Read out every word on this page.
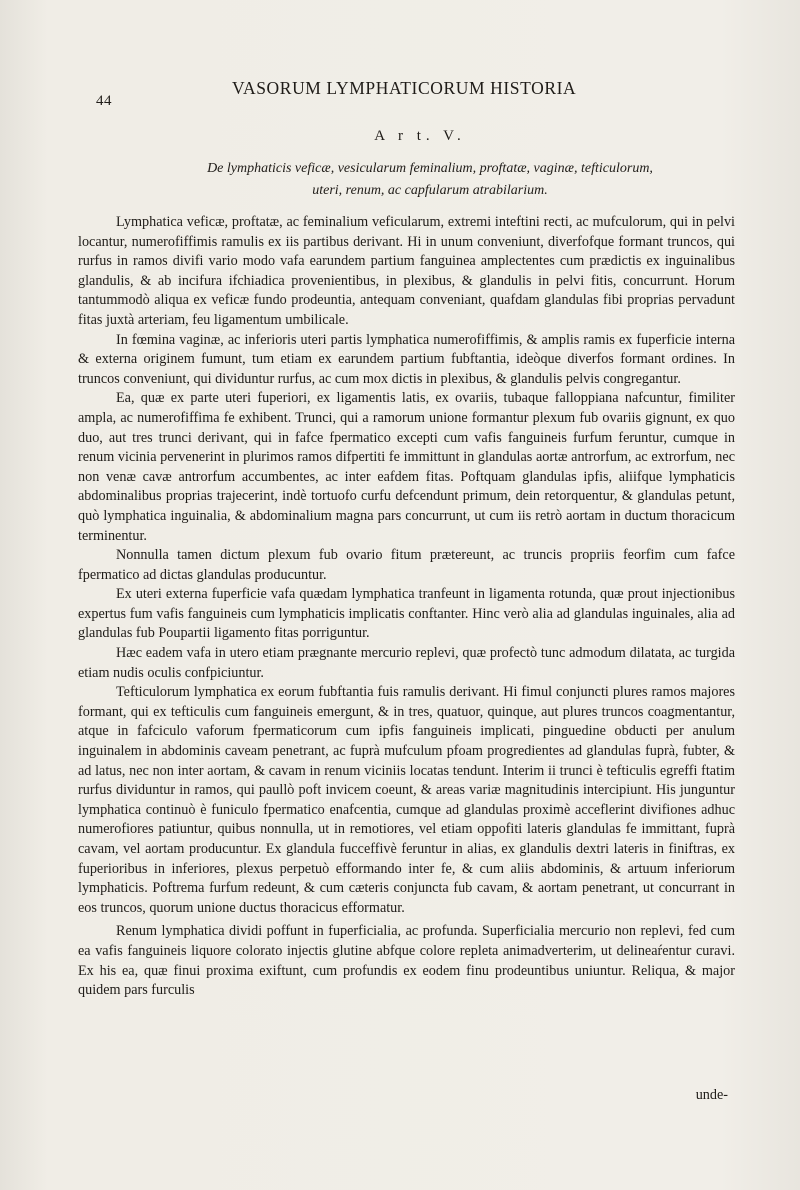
44
VASORUM LYMPHATICORUM HISTORIA
A r t. V.
De lymphaticis veficæ, vesicularum feminalium, proftatæ, vaginæ, tefticulorum,
uteri, renum, ac capfularum atrabilarium.

Lymphatica veficæ, proftatæ, ac feminalium veficularum, extremi inteftini recti, ac mufculorum, qui in pelvi locantur, numerofiffimis ramulis ex iis partibus derivant. Hi in unum conveniunt, diverfofque formant truncos, qui rurfus in ramos divifi vario modo vafa earundem partium fanguinea amplectentes cum prædictis ex inguinalibus glandulis, & ab incifura ifchiadica provenientibus, in plexibus, & glandulis in pelvi fitis, concurrunt. Horum tantummodò aliqua ex veficæ fundo prodeuntia, antequam conveniant, quafdam glandulas fibi proprias pervadunt fitas juxtà arteriam, feu ligamentum umbilicale.

In fœmina vaginæ, ac inferioris uteri partis lymphatica numerofiffimis, & amplis ramis ex fuperficie interna & externa originem fumunt, tum etiam ex earundem partium fubftantia, ideòque diverfos formant ordines. In truncos conveniunt, qui dividuntur rurfus, ac cum mox dictis in plexibus, & glandulis pelvis congregantur.

Ea, quæ ex parte uteri fuperiori, ex ligamentis latis, ex ovariis, tubaque falloppiana nafcuntur, fimiliter ampla, ac numerofiffima fe exhibent. Trunci, qui a ramorum unione formantur plexum fub ovariis gignunt, ex quo duo, aut tres trunci derivant, qui in fafce fpermatico excepti cum vafis fanguineis furfum feruntur, cumque in renum vicinia pervenerint in plurimos ramos difpertiti fe immittunt in glandulas aortæ antrorfum, ac extrorfum, nec non venæ cavæ antrorfum accumbentes, ac inter eafdem fitas. Poftquam glandulas ipfis, aliifque lymphaticis abdominalibus proprias trajecerint, indè tortuofo curfu defcendunt primum, dein retorquentur, & glandulas petunt, quò lymphatica inguinalia, & abdominalium magna pars concurrunt, ut cum iis retrò aortam in ductum thoracicum terminentur.

Nonnulla tamen dictum plexum fub ovario fitum prætereunt, ac truncis propriis feorfim cum fafce fpermatico ad dictas glandulas producuntur.

Ex uteri externa fuperficie vafa quædam lymphatica tranfeunt in ligamenta rotunda, quæ prout injectionibus expertus fum vafis fanguineis cum lymphaticis implicatis conftanter. Hinc verò alia ad glandulas inguinales, alia ad glandulas fub Poupartii ligamento fitas porriguntur.

Hæc eadem vafa in utero etiam prægnante mercurio replevi, quæ profectò tunc admodum dilatata, ac turgida etiam nudis oculis confpiciuntur.

Tefticulorum lymphatica ex eorum fubftantia fuis ramulis derivant. Hi fimul conjuncti plures ramos majores formant, qui ex tefticulis cum fanguineis emergunt, & in tres, quatuor, quinque, aut plures truncos coagmentantur, atque in fafciculo vaforum fpermaticorum cum ipfis fanguineis implicati, pinguedine obducti per anulum inguinalem in abdominis caveam penetrant, ac fuprà mufculum pfoam progredientes ad glandulas fuprà, fubter, & ad latus, nec non inter aortam, & cavam in renum viciniis locatas tendunt. Interim ii trunci è tefticulis egreffi ftatim rurfus dividuntur in ramos, qui paullò poft invicem coeunt, & areas variæ magnitudinis intercipiunt. His junguntur lymphatica continuò è funiculo fpermatico enafcentia, cumque ad glandulas proximè acceflerint divifiones adhuc numerofiores patiuntur, quibus nonnulla, ut in remotiores, vel etiam oppofiti lateris glandulas fe immittant, fuprà cavam, vel aortam producuntur. Ex glandula fucceffivè feruntur in alias, ex glandulis dextri lateris in finiftras, ex fuperioribus in inferiores, plexus perpetuò efformando inter fe, & cum aliis abdominis, & artuum inferiorum lymphaticis. Poftrema furfum redeunt, & cum cæteris conjuncta fub cavam, & aortam penetrant, ut concurrant in eos truncos, quorum unione ductus thoracicus efformatur.

Renum lymphatica dividi poffunt in fuperficialia, ac profunda. Superficialia mercurio non replevi, fed cum ea vafis fanguineis liquore colorato injectis glutine abfque colore repleta animadverterim, ut delineaŕentur curavi. Ex his ea, quæ finui proxima exiftunt, cum profundis ex eodem finu prodeuntibus uniuntur. Reliqua, & major quidem pars furculis

unde-
